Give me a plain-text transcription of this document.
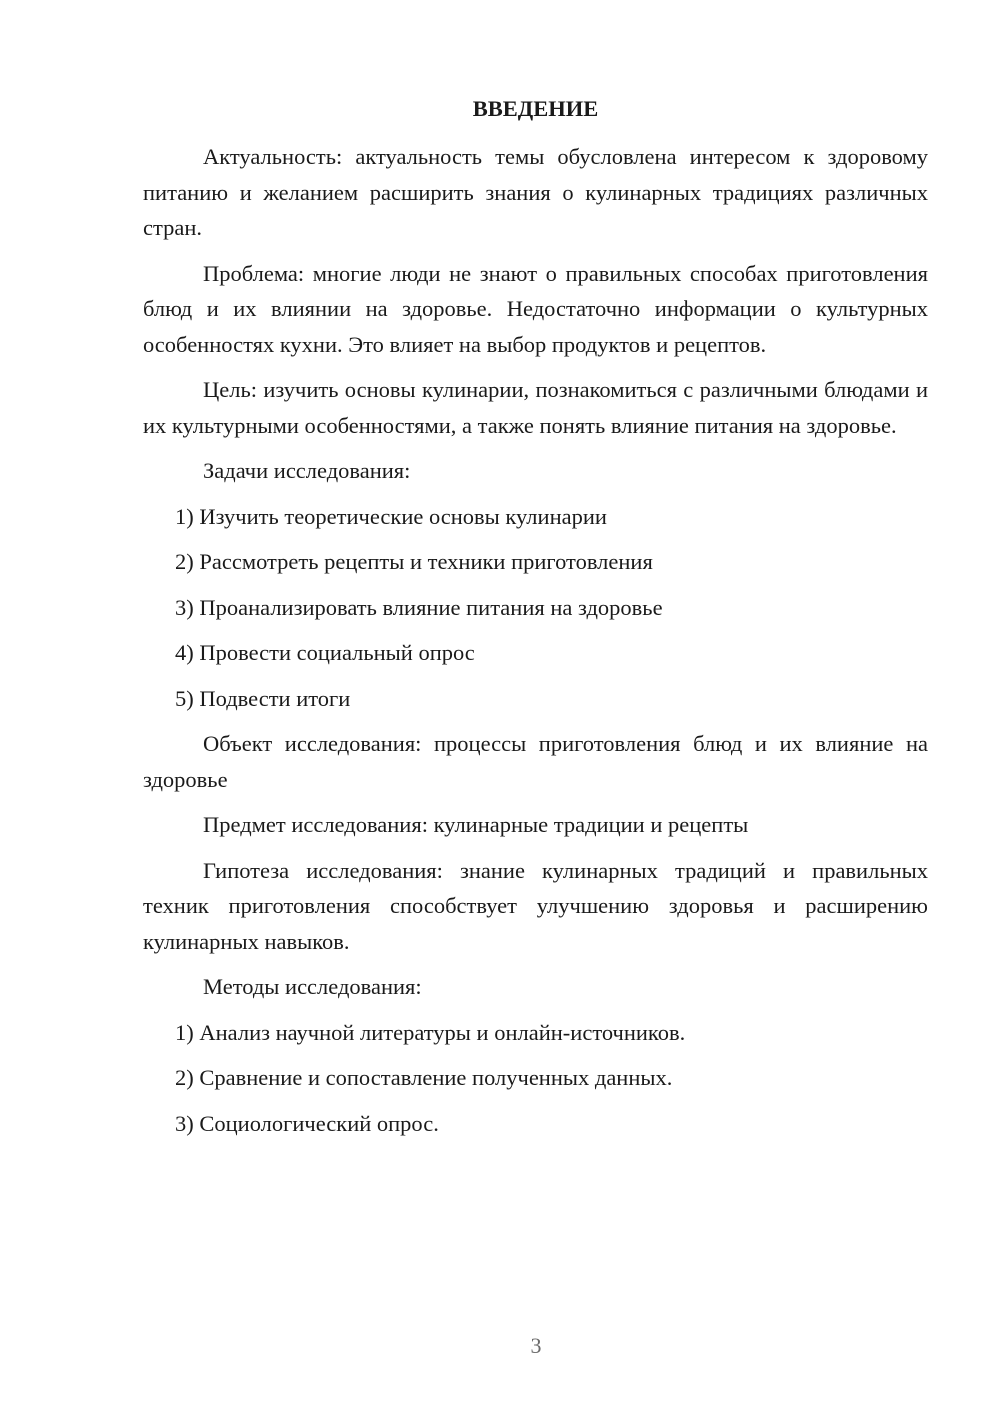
ВВЕДЕНИЕ
Актуальность: актуальность темы обусловлена интересом к здоровому питанию и желанием расширить знания о кулинарных традициях различных стран.
Проблема: многие люди не знают о правильных способах приготовления блюд и их влиянии на здоровье. Недостаточно информации о культурных особенностях кухни. Это влияет на выбор продуктов и рецептов.
Цель: изучить основы кулинарии, познакомиться с различными блюдами и их культурными особенностями, а также понять влияние питания на здоровье.
Задачи исследования:
1) Изучить теоретические основы кулинарии
2) Рассмотреть рецепты и техники приготовления
3) Проанализировать влияние питания на здоровье
4) Провести социальный опрос
5) Подвести итоги
Объект исследования: процессы приготовления блюд и их влияние на здоровье
Предмет исследования: кулинарные традиции и рецепты
Гипотеза исследования: знание кулинарных традиций и правильных техник приготовления способствует улучшению здоровья и расширению кулинарных навыков.
Методы исследования:
1) Анализ научной литературы и онлайн-источников.
2) Сравнение и сопоставление полученных данных.
3) Социологический опрос.
3
